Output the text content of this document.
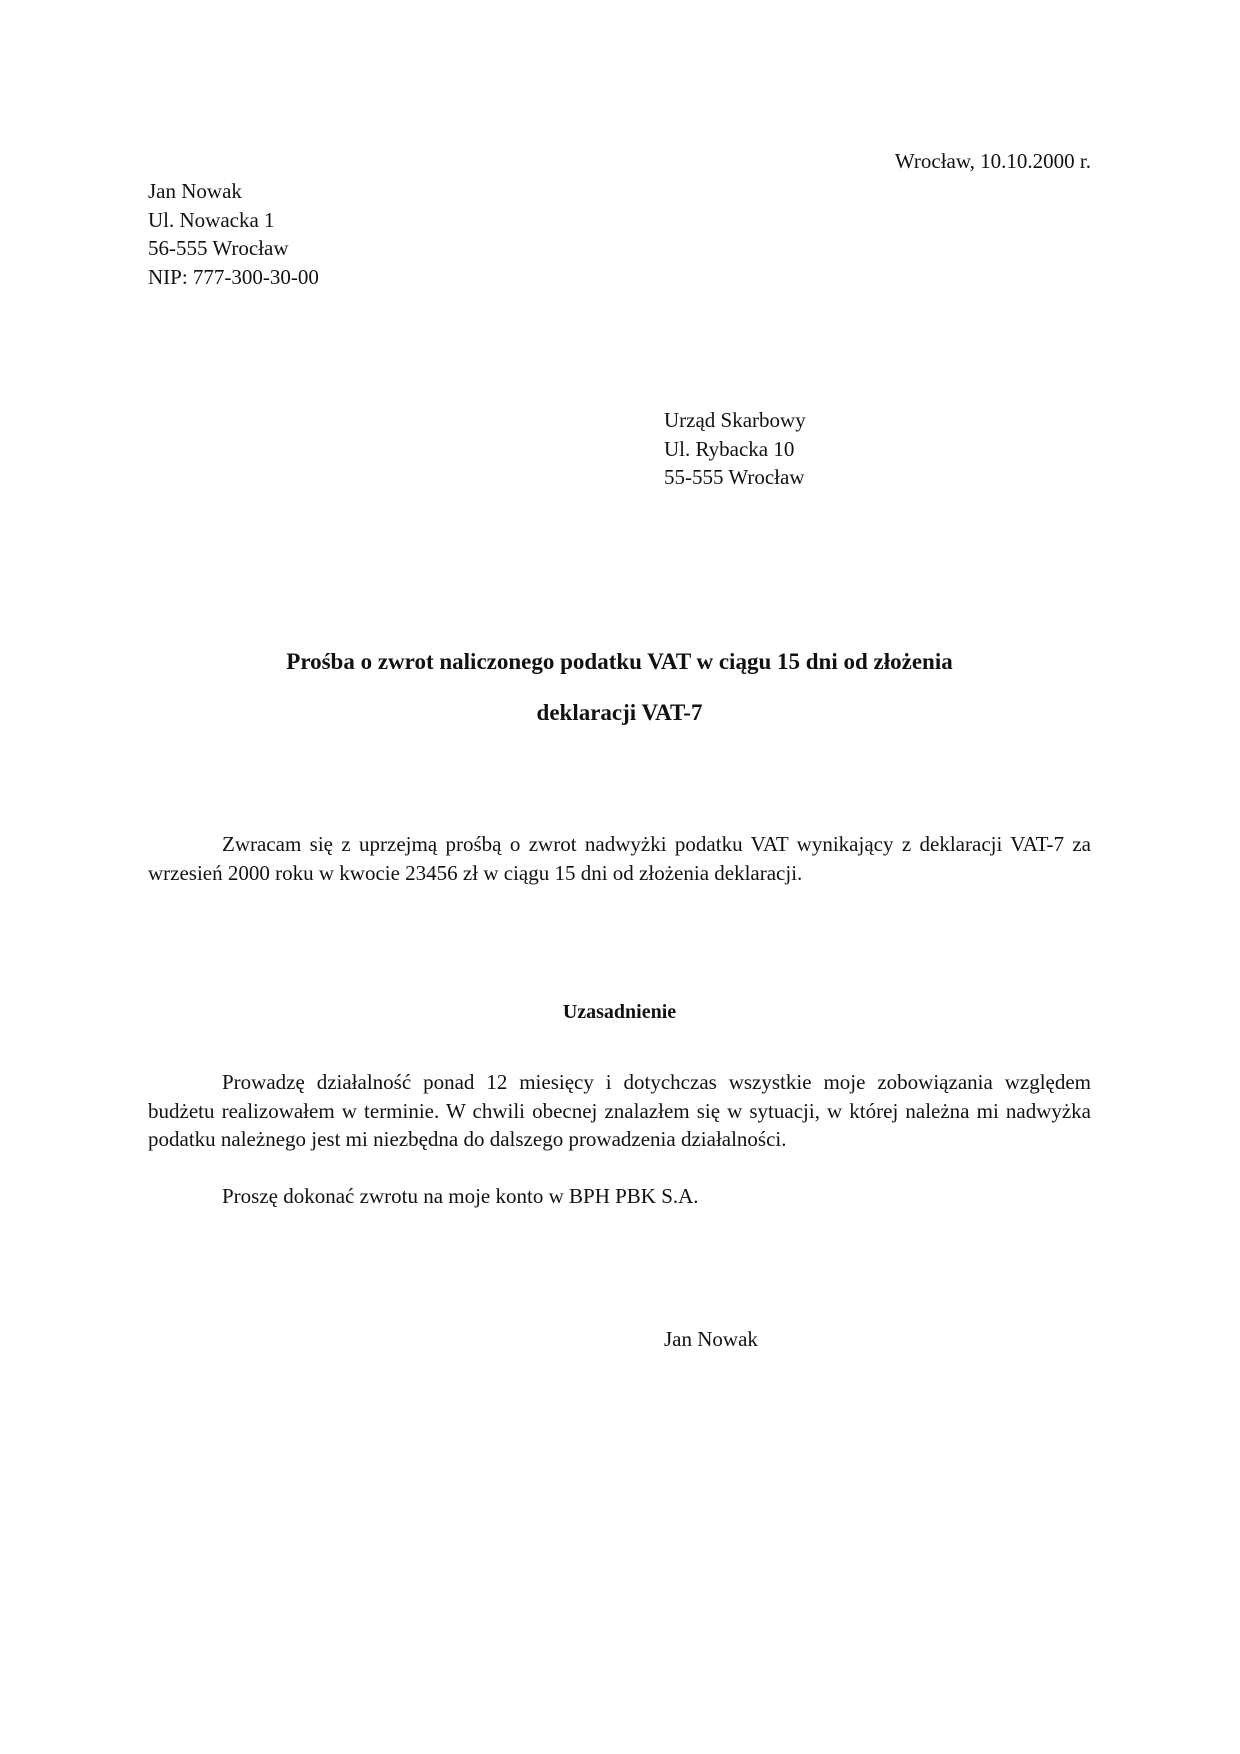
Wrocław, 10.10.2000 r.
Jan Nowak
Ul. Nowacka 1
56-555 Wrocław
NIP: 777-300-30-00
Urząd Skarbowy
Ul. Rybacka 10
55-555 Wrocław
Prośba o zwrot naliczonego podatku VAT w ciągu 15 dni od złożenia
deklaracji VAT-7
Zwracam się z uprzejmą prośbą o zwrot nadwyżki podatku VAT wynikający z deklaracji VAT-7 za wrzesień 2000 roku w kwocie 23456 zł w ciągu 15 dni od złożenia deklaracji.
Uzasadnienie
Prowadzę działalność ponad 12 miesięcy i dotychczas wszystkie moje zobowiązania względem budżetu realizowałem w terminie. W chwili obecnej znalazłem się w sytuacji, w której należna mi nadwyżka podatku należnego jest mi niezbędna do dalszego prowadzenia działalności.
Proszę dokonać zwrotu na moje konto w BPH PBK S.A.
Jan Nowak
